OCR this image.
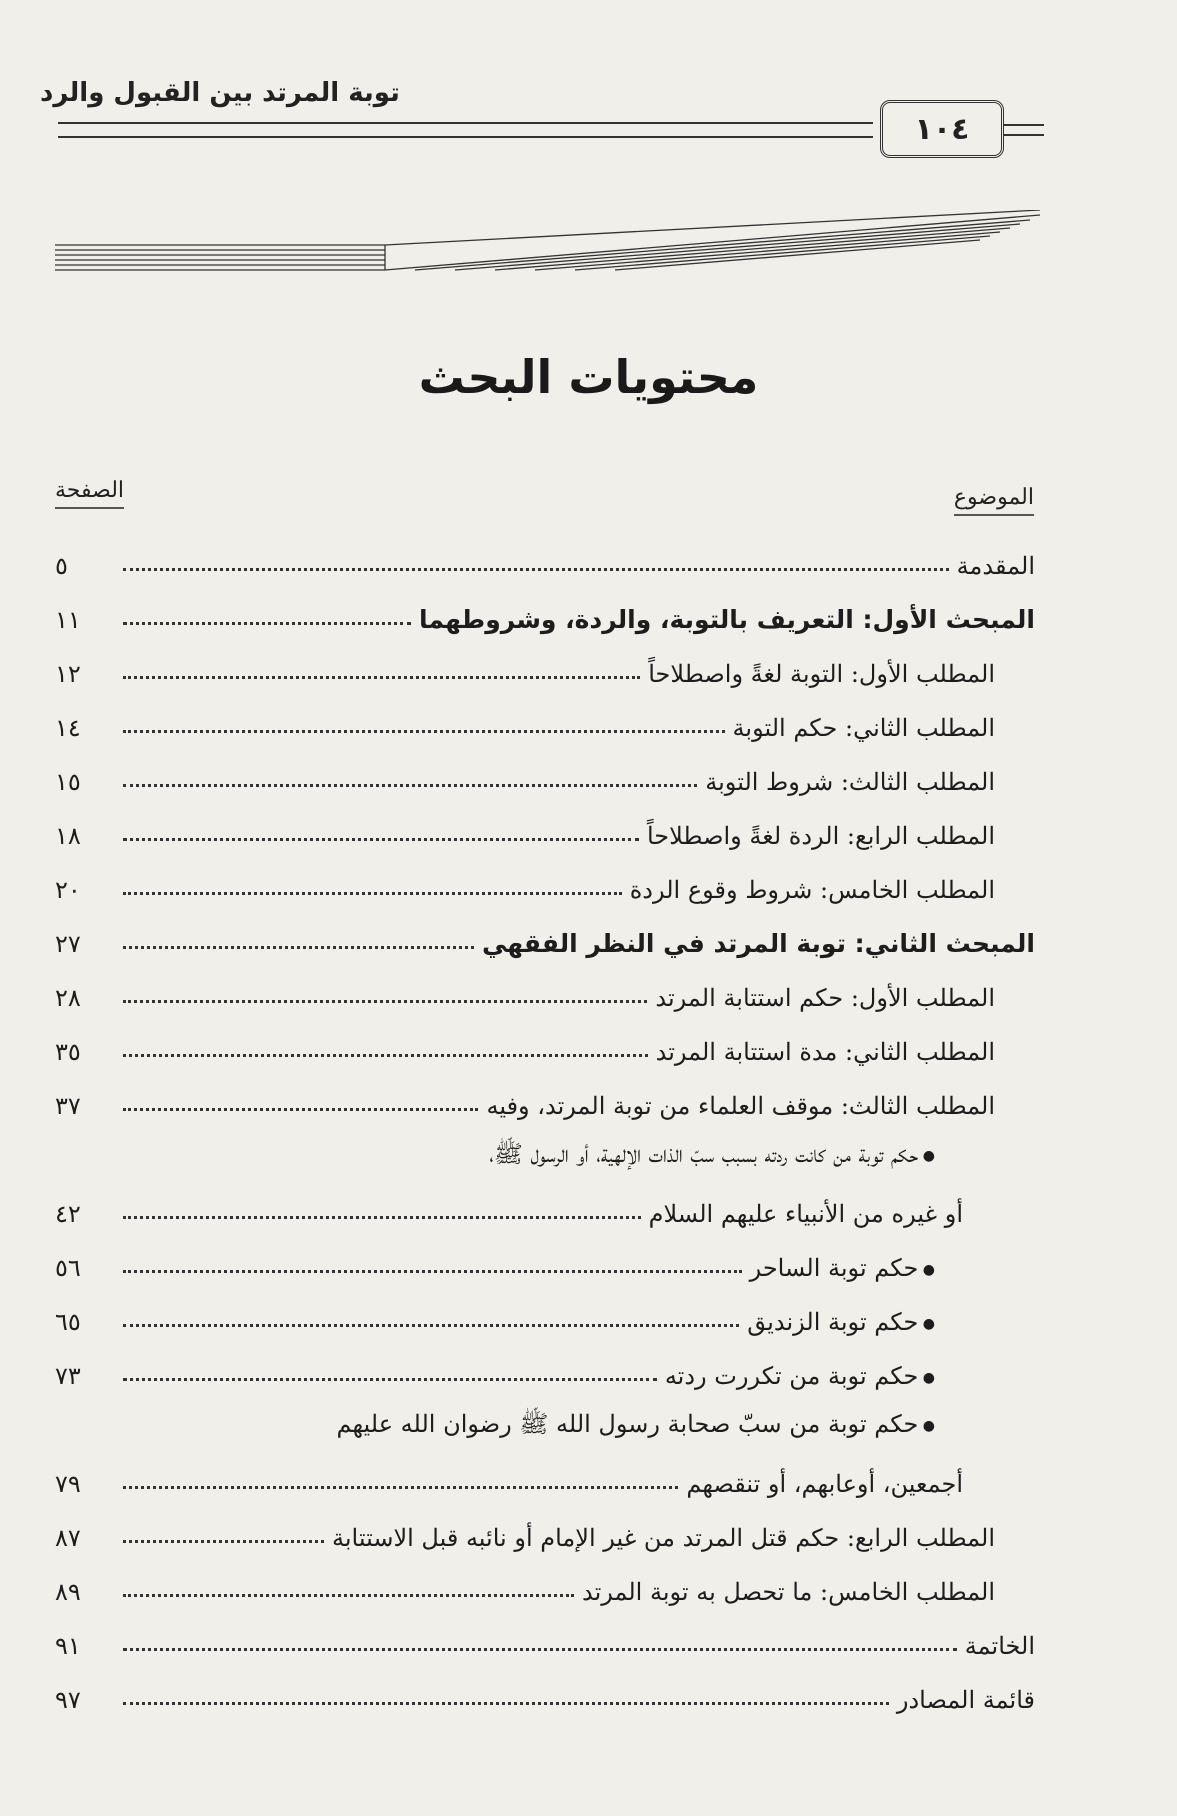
توبة المرتد بين القبول والرد
١٠٤
محتويات البحث
الموضوع
الصفحة
المقدمة
٥
المبحث الأول: التعريف بالتوبة، والردة، وشروطهما
١١
المطلب الأول: التوبة لغةً واصطلاحاً
١٢
المطلب الثاني: حكم التوبة
١٤
المطلب الثالث: شروط التوبة
١٥
المطلب الرابع: الردة لغةً واصطلاحاً
١٨
المطلب الخامس: شروط وقوع الردة
٢٠
المبحث الثاني: توبة المرتد في النظر الفقهي
٢٧
المطلب الأول: حكم استتابة المرتد
٢٨
المطلب الثاني: مدة استتابة المرتد
٣٥
المطلب الثالث: موقف العلماء من توبة المرتد، وفيه
٣٧
● حكم توبة من كانت ردته بسبب سبّ الذات الإلهية، أو الرسول ﷺ،
أو غيره من الأنبياء عليهم السلام
٤٢
● حكم توبة الساحر
٥٦
● حكم توبة الزنديق
٦٥
● حكم توبة من تكررت ردته
٧٣
● حكم توبة من سبّ صحابة رسول الله ﷺ رضوان الله عليهم
أجمعين، أوعابهم، أو تنقصهم
٧٩
المطلب الرابع: حكم قتل المرتد من غير الإمام أو نائبه قبل الاستتابة
٨٧
المطلب الخامس: ما تحصل به توبة المرتد
٨٩
الخاتمة
٩١
قائمة المصادر
٩٧
